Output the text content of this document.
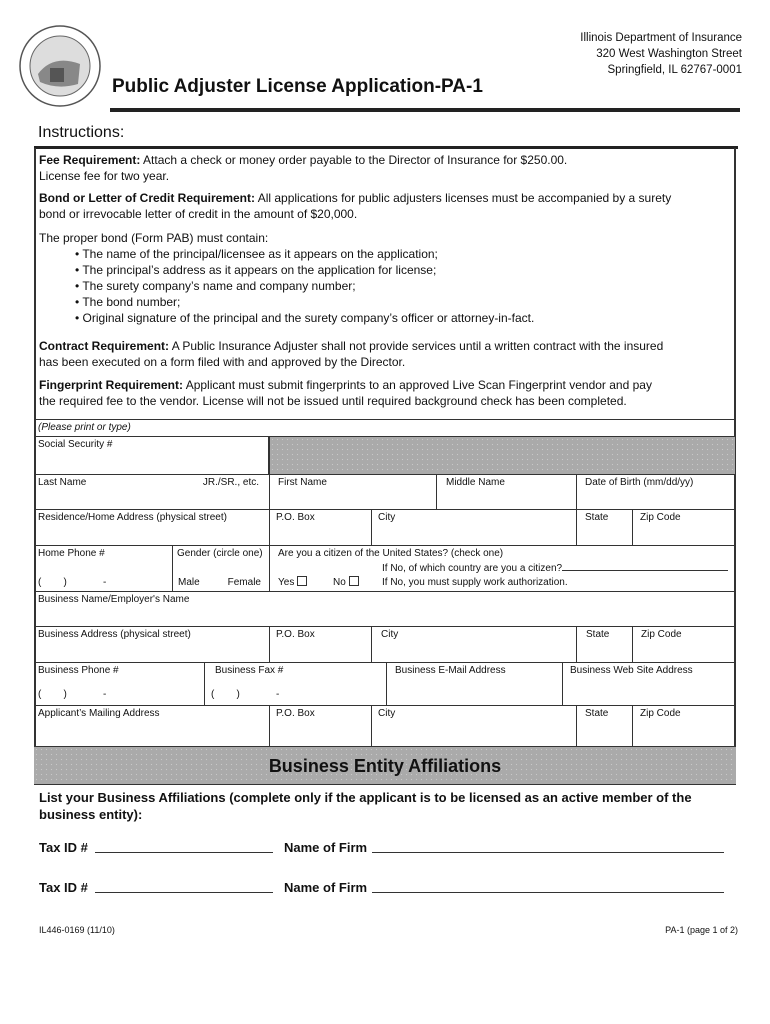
Illinois Department of Insurance
320 West Washington Street
Springfield, IL 62767-0001
Public Adjuster License Application-PA-1
Instructions:
Fee Requirement: Attach a check or money order payable to the Director of Insurance for $250.00.
License fee for two year.
Bond or Letter of Credit Requirement: All applications for public adjusters licenses must be accompanied by a surety
bond or irrevocable letter of credit in the amount of $20,000.
The proper bond (Form PAB) must contain:
• The name of the principal/licensee as it appears on the application;
• The principal’s address as it appears on the application for license;
• The surety company’s name and company number;
• The bond number;
• Original signature of the principal and the surety company’s officer or attorney-in-fact.
Contract Requirement: A Public Insurance Adjuster shall not provide services until a written contract with the insured
has been executed on a form filed with and approved by the Director.
Fingerprint Requirement: Applicant must submit fingerprints to an approved Live Scan Fingerprint vendor and pay
the required fee to the vendor. License will not be issued until required background check has been completed.
(Please print or type)
Social Security #
Last Name	JR./SR., etc.	First Name	Middle Name	Date of Birth (mm/dd/yy)
Residence/Home Address (physical street)	P.O. Box	City	State	Zip Code
Home Phone #
(        )             -
Gender (circle one)
Male	Female
Are you a citizen of the United States? (check one)
If No, of which country are you a citizen?
Yes	No	If No, you must supply work authorization.
Business Name/Employer's Name
Business Address (physical street)	P.O. Box	City	State	Zip Code
Business Phone #
(        )             -
Business Fax #
(        )             -
Business E-Mail Address	Business Web Site Address
Applicant’s Mailing Address	P.O. Box	City	State	Zip Code
Business Entity Affiliations
List your Business Affiliations (complete only if the applicant is to be licensed as an active member of the business entity):
Tax ID #	Name of Firm
Tax ID #	Name of Firm
IL446-0169 (11/10)	PA-1 (page 1 of 2)
